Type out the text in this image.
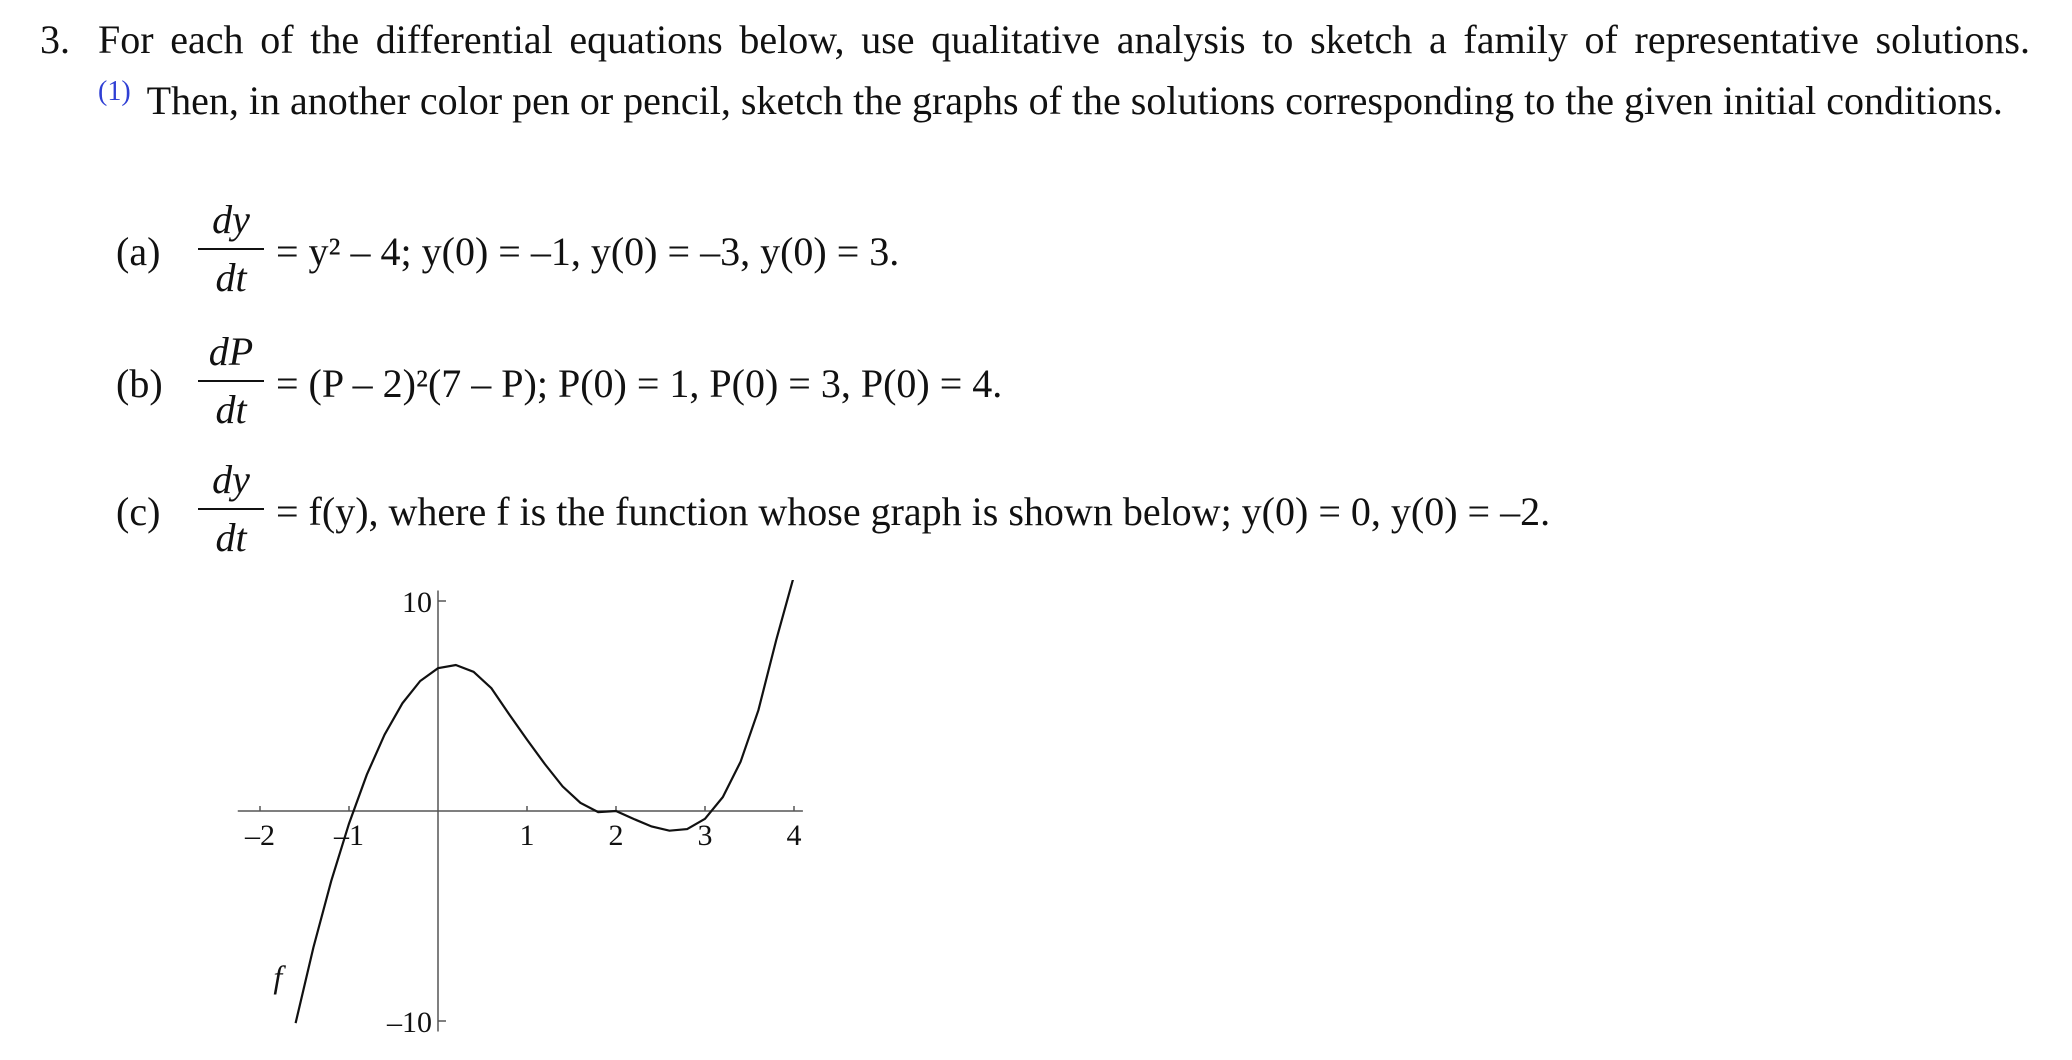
3. For each of the differential equations below, use qualitative analysis to sketch a family of representative solutions.$^{(1)}$ Then, in another color pen or pencil, sketch the graphs of the solutions corresponding to the given initial conditions.
(a)
dy
dt
= y² – 4; y(0) = –1, y(0) = –3, y(0) = 3.
(b)
dP
dt
= (P – 2)²(7 – P); P(0) = 1, P(0) = 3, P(0) = 4.
(c)
dy
dt
= f(y), where f is the function whose graph is shown below; y(0) = 0, y(0) = –2.
–2 –1	1 2 3 4
10
–10
f
